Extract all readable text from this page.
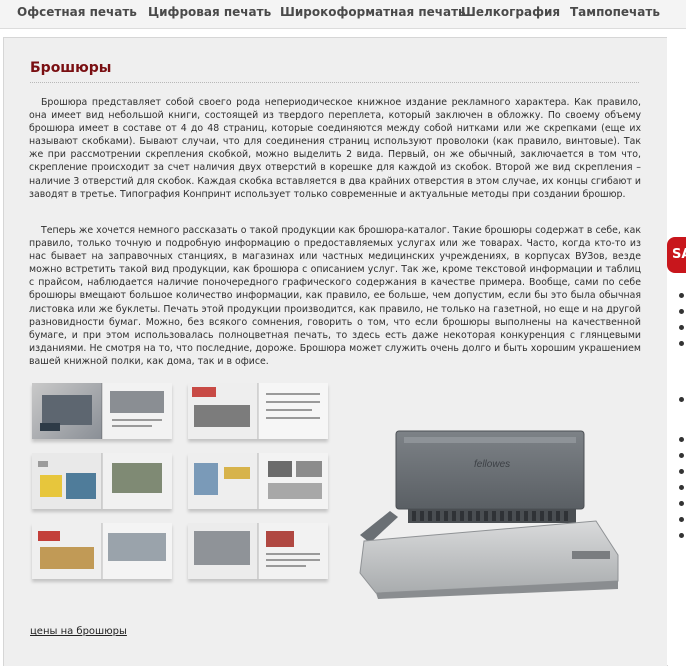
Офсетная печать Цифровая печать Широкоформатная печать
Шелкография Тампопечать
Брошюры

Брошюра представляет собой своего рода непериодическое книжное издание рекламного характера. Как правило, она имеет вид небольшой книги, состоящей из твердого переплета, который заключен в обложку. По своему объему брошюра имеет в составе от 4 до 48 страниц, которые соединяются между собой нитками или же скрепками (еще их называют скобками). Бывают случаи, что для соединения страниц используют проволоки (как правило, винтовые). Так же при рассмотрении скрепления скобкой, можно выделить 2 вида. Первый, он же обычный, заключается в том что, скрепление происходит за счет наличия двух отверстий в корешке для каждой из скобок. Второй же вид скрепления – наличие 3 отверстий для скобок. Каждая скобка вставляется в два крайних отверстия в этом случае, их концы сгибают и заводят в третье. Типография Конпринт использует только современные и актуальные методы при создании брошюр.

Теперь же хочется немного рассказать о такой продукции как брошюра-каталог. Такие брошюры содержат в себе, как правило, только точную и подробную информацию о предоставляемых услугах или же товарах. Часто, когда кто-то из нас бывает на заправочных станциях, в магазинах или частных медицинских учреждениях, в корпусах ВУЗов, везде можно встретить такой вид продукции, как брошюра с описанием услуг. Так же, кроме текстовой информации и таблиц с прайсом, наблюдается наличие поночередного графического содержания в качестве примера. Вообще, сами по себе брошюры вмещают большое количество информации, как правило, ее больше, чем допустим, если бы это была обычная листовка или же буклеты. Печать этой продукции производится, как правило, не только на газетной, но еще и на другой разновидности бумаг. Можно, без всякого сомнения, говорить о том, что если брошюры выполнены на качественной бумаге, и при этом использовалась полноцветная печать, то здесь есть даже некоторая конкуренция с глянцевыми изданиями. Не смотря на то, что последние, дороже. Брошюра может служить очень долго и быть хорошим украшением вашей книжной полки, как дома, так и в офисе.

fellowes
цены на брошюры
SA
